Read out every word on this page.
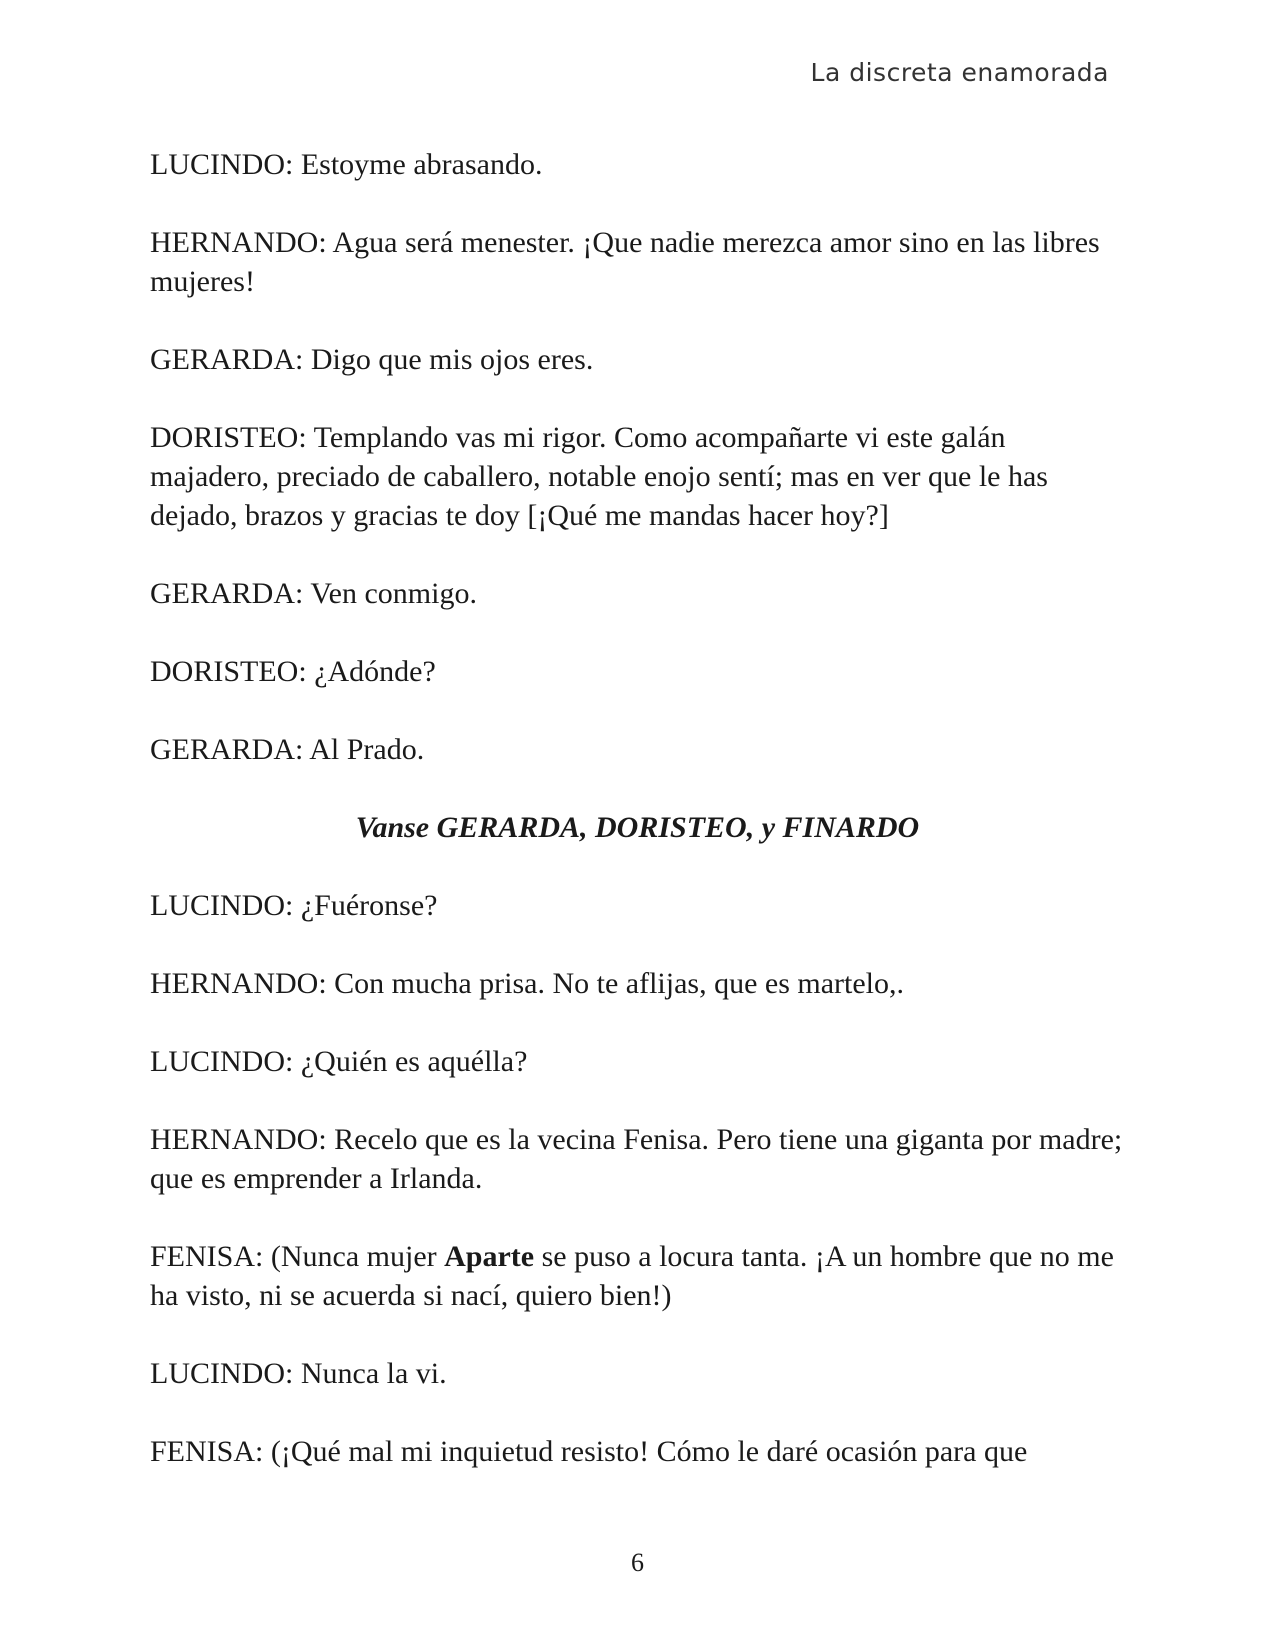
La discreta enamorada

LUCINDO: Estoyme abrasando.

HERNANDO: Agua será menester. ¡Que nadie merezca amor sino en las libres mujeres!

GERARDA: Digo que mis ojos eres.

DORISTEO: Templando vas mi rigor. Como acompañarte vi este galán majadero, preciado de caballero, notable enojo sentí; mas en ver que le has dejado, brazos y gracias te doy [¡Qué me mandas hacer hoy?]

GERARDA: Ven conmigo.

DORISTEO: ¿Adónde?

GERARDA: Al Prado.

Vanse GERARDA, DORISTEO, y FINARDO

LUCINDO: ¿Fuéronse?

HERNANDO: Con mucha prisa. No te aflijas, que es martelo,.

LUCINDO: ¿Quién es aquélla?

HERNANDO: Recelo que es la vecina Fenisa. Pero tiene una giganta por madre; que es emprender a Irlanda.

FENISA: (Nunca mujer Aparte se puso a locura tanta. ¡A un hombre que no me ha visto, ni se acuerda si nací, quiero bien!)

LUCINDO: Nunca la vi.

FENISA: (¡Qué mal mi inquietud resisto! Cómo le daré ocasión para que

6
